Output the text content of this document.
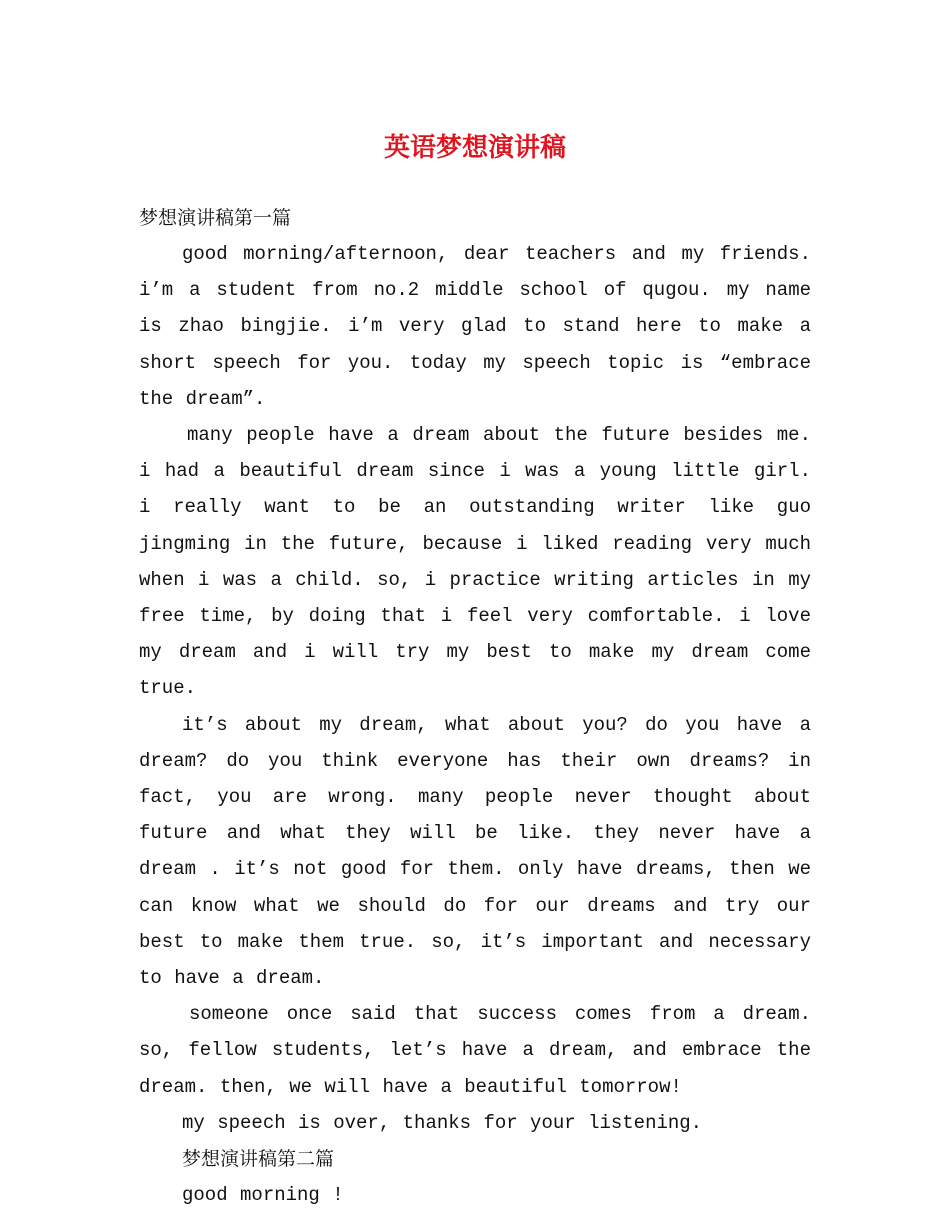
英语梦想演讲稿
梦想演讲稿第一篇

good morning/afternoon, dear teachers and my friends. i’m a student from no.2 middle school of qugou. my name is zhao bingjie. i’m very glad to stand here to make a short speech for you. today my speech topic is “embrace the dream”.

many people have a dream about the future besides me. i had a beautiful dream since i was a young little girl. i really want to be an outstanding writer like guo jingming in the future, because i liked reading very much when i was a child. so, i practice writing articles in my free time, by doing that i feel very comfortable. i love my dream and i will try my best to make my dream come true.

it’s about my dream, what about you? do you have a dream? do you think everyone has their own dreams? in fact, you are wrong. many people never thought about future and what they will be like. they never have a dream . it’s not good for them. only have dreams, then we can know what we should do for our dreams and try our best to make them true. so, it’s important and necessary to have a dream.

someone once said that success comes from a dream. so, fellow students, let’s have a dream, and embrace the dream. then, we will have a beautiful tomorrow!

my speech is over, thanks for your listening.

梦想演讲稿第二篇

good morning !
